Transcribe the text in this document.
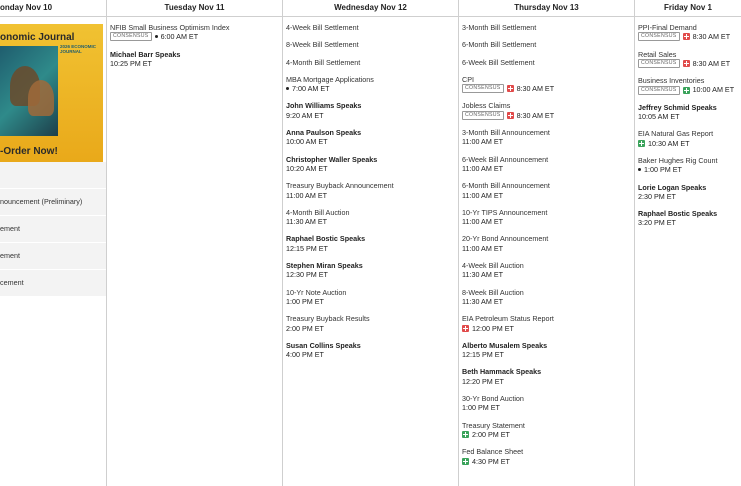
onday Nov 10
onomic Journal
2026 ECONOMIC JOURNAL
-Order Now!
nouncement (Preliminary)
ement
ement
cement
Tuesday Nov 11
NFIB Small Business Optimism Index
CONSENSUS	6:00 AM ET
Michael Barr Speaks
10:25 PM ET
Wednesday Nov 12
4-Week Bill Settlement
8-Week Bill Settlement
4-Month Bill Settlement
MBA Mortgage Applications
7:00 AM ET
John Williams Speaks
9:20 AM ET
Anna Paulson Speaks
10:00 AM ET
Christopher Waller Speaks
10:20 AM ET
Treasury Buyback Announcement
11:00 AM ET
4-Month Bill Auction
11:30 AM ET
Raphael Bostic Speaks
12:15 PM ET
Stephen Miran Speaks
12:30 PM ET
10-Yr Note Auction
1:00 PM ET
Treasury Buyback Results
2:00 PM ET
Susan Collins Speaks
4:00 PM ET
Thursday Nov 13
3-Month Bill Settlement
6-Month Bill Settlement
6-Week Bill Settlement
CPI
CONSENSUS	8:30 AM ET
Jobless Claims
CONSENSUS	8:30 AM ET
3-Month Bill Announcement
11:00 AM ET
6-Week Bill Announcement
11:00 AM ET
6-Month Bill Announcement
11:00 AM ET
10-Yr TIPS Announcement
11:00 AM ET
20-Yr Bond Announcement
11:00 AM ET
4-Week Bill Auction
11:30 AM ET
8-Week Bill Auction
11:30 AM ET
EIA Petroleum Status Report
12:00 PM ET
Alberto Musalem Speaks
12:15 PM ET
Beth Hammack Speaks
12:20 PM ET
30-Yr Bond Auction
1:00 PM ET
Treasury Statement
2:00 PM ET
Fed Balance Sheet
4:30 PM ET
Friday Nov 1
PPI-Final Demand
CONSENSUS	8:30 AM ET
Retail Sales
CONSENSUS	8:30 AM ET
Business Inventories
CONSENSUS	10:00 AM ET
Jeffrey Schmid Speaks
10:05 AM ET
EIA Natural Gas Report
10:30 AM ET
Baker Hughes Rig Count
1:00 PM ET
Lorie Logan Speaks
2:30 PM ET
Raphael Bostic Speaks
3:20 PM ET
